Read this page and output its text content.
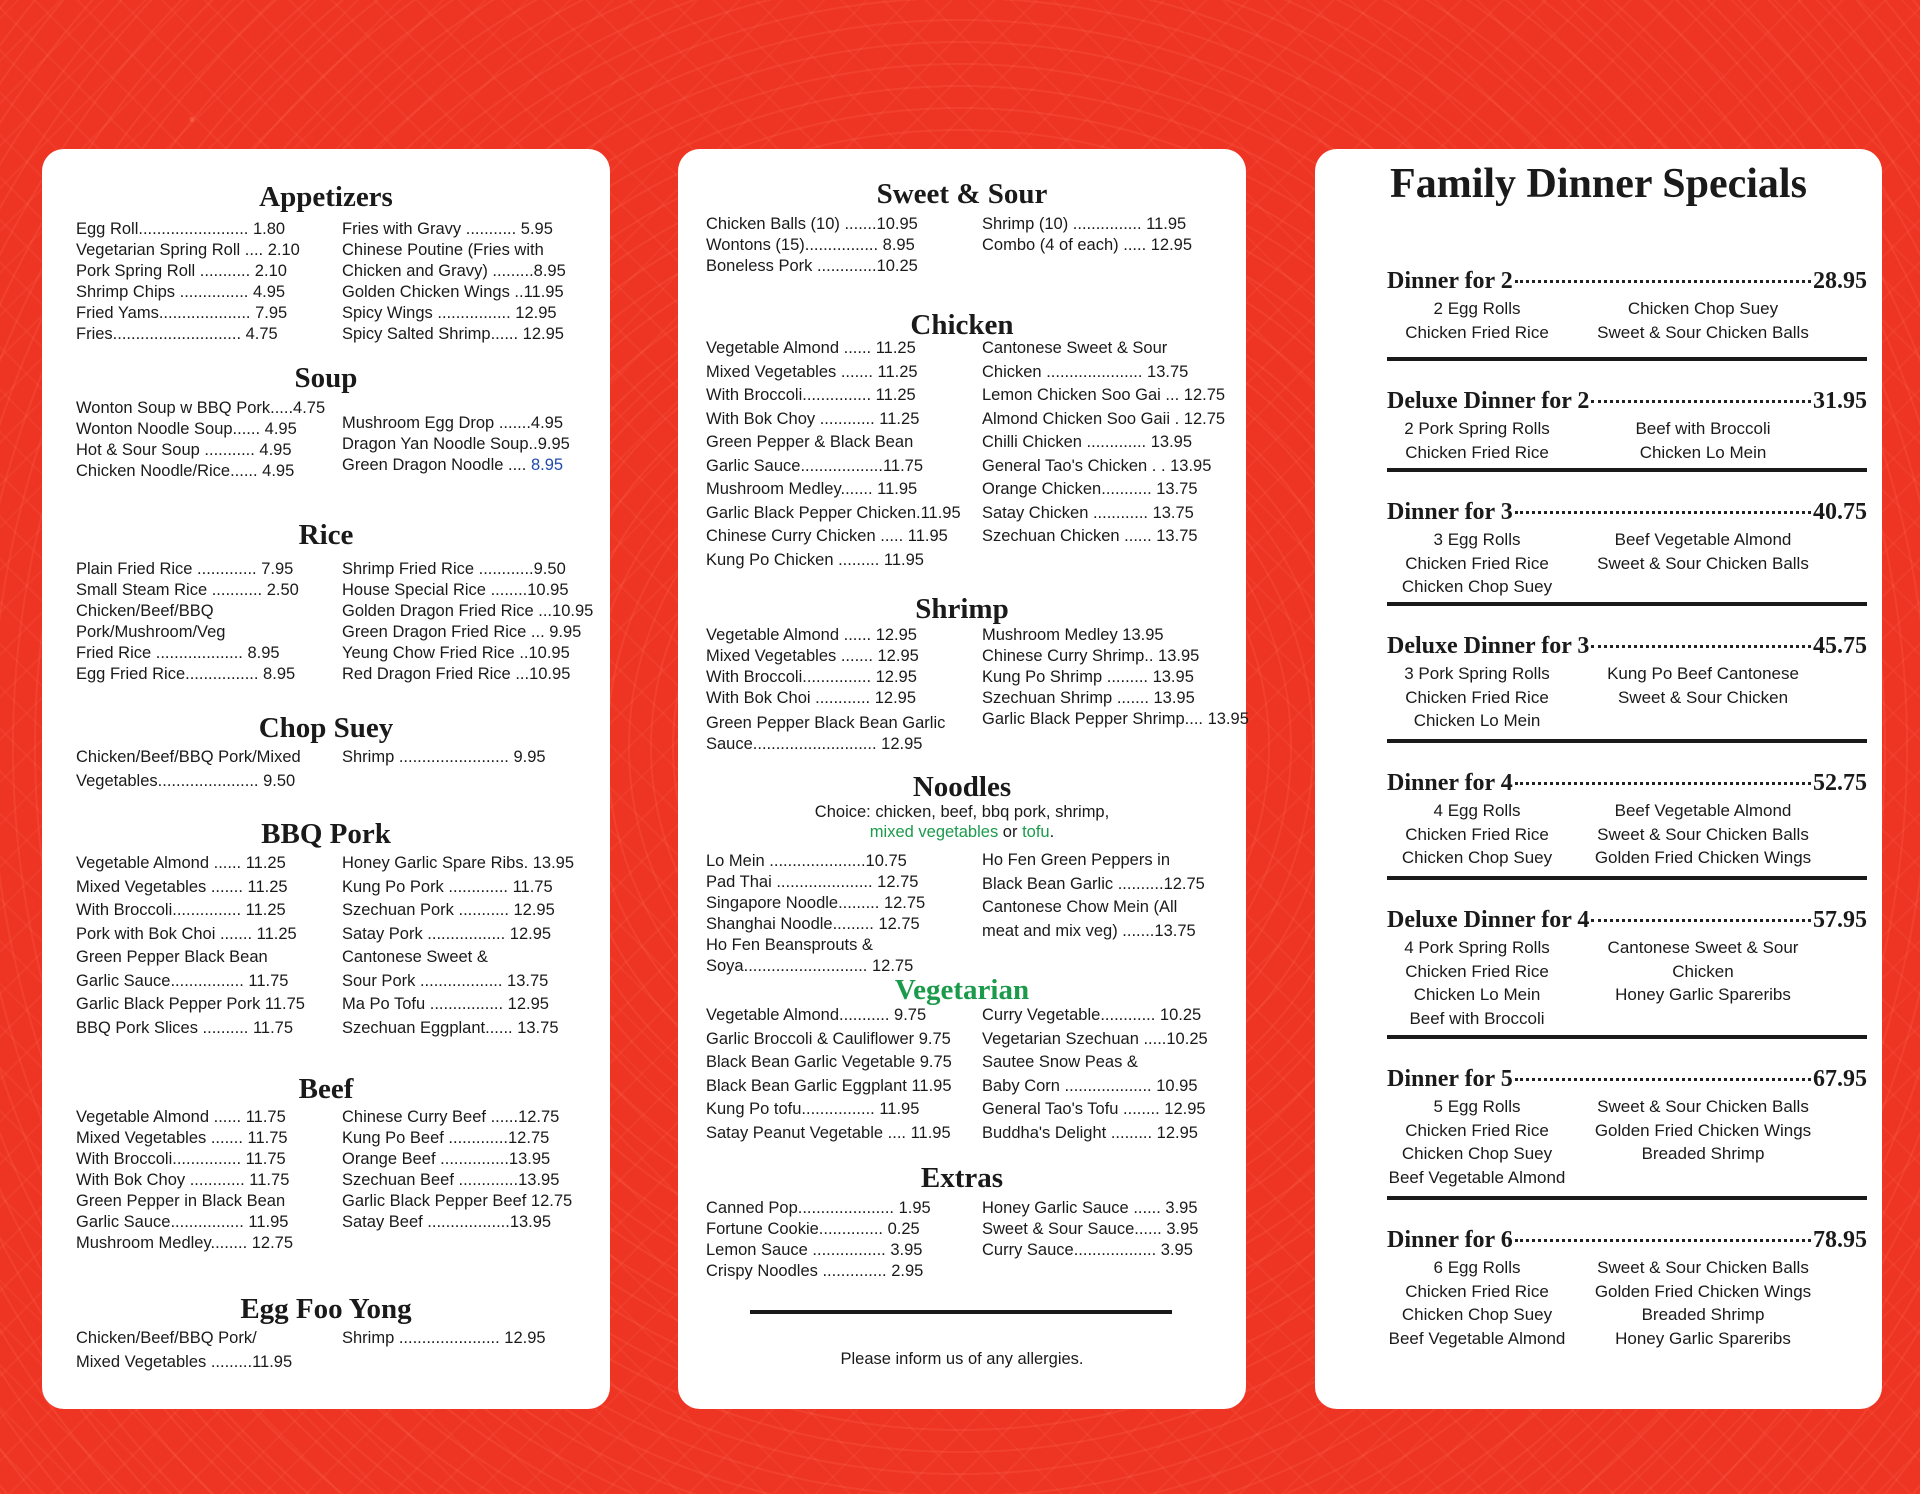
Appetizers
Egg Roll........................ 1.80
Vegetarian Spring Roll .... 2.10
Pork Spring Roll ........... 2.10
Shrimp Chips ............... 4.95
Fried Yams.................... 7.95
Fries............................ 4.75
Fries with Gravy ........... 5.95
Chinese Poutine (Fries with
Chicken and Gravy) .........8.95
Golden Chicken Wings ..11.95
Spicy Wings ................ 12.95
Spicy Salted Shrimp...... 12.95
Soup
Wonton Soup w BBQ Pork.....4.75
Wonton Noodle Soup...... 4.95
Hot & Sour Soup ........... 4.95
Chicken Noodle/Rice...... 4.95
Mushroom Egg Drop .......4.95
Dragon Yan Noodle Soup..9.95
Green Dragon Noodle .... 8.95
Rice
Plain Fried Rice ............. 7.95
Small Steam Rice ........... 2.50
Chicken/Beef/BBQ
Pork/Mushroom/Veg
Fried Rice ................... 8.95
Egg Fried Rice................ 8.95
Shrimp Fried Rice ............9.50
House Special Rice ........10.95
Golden Dragon Fried Rice ...10.95
Green Dragon Fried Rice ... 9.95
Yeung Chow Fried Rice ..10.95
Red Dragon Fried Rice ...10.95
Chop Suey
Chicken/Beef/BBQ Pork/Mixed
Vegetables...................... 9.50
Shrimp ........................ 9.95
BBQ Pork
Vegetable Almond ...... 11.25
Mixed Vegetables ....... 11.25
With Broccoli............... 11.25
Pork with Bok Choi ....... 11.25
Green Pepper Black Bean
Garlic Sauce................ 11.75
Garlic Black Pepper Pork 11.75
BBQ Pork Slices .......... 11.75
Honey Garlic Spare Ribs. 13.95
Kung Po Pork ............. 11.75
Szechuan Pork ........... 12.95
Satay Pork ................. 12.95
Cantonese Sweet &
Sour Pork .................. 13.75
Ma Po Tofu ................ 12.95
Szechuan Eggplant...... 13.75
Beef
Vegetable Almond ...... 11.75
Mixed Vegetables ....... 11.75
With Broccoli............... 11.75
With Bok Choy ............ 11.75
Green Pepper in Black Bean
Garlic Sauce................ 11.95
Mushroom Medley........ 12.75
Chinese Curry Beef ......12.75
Kung Po Beef .............12.75
Orange Beef ...............13.95
Szechuan Beef .............13.95
Garlic Black Pepper Beef 12.75
Satay Beef ..................13.95
Egg Foo Yong
Chicken/Beef/BBQ Pork/
Mixed Vegetables .........11.95
Shrimp ...................... 12.95
Sweet & Sour
Chicken Balls (10) .......10.95
Wontons (15)................ 8.95
Boneless Pork .............10.25
Shrimp (10) ............... 11.95
Combo (4 of each) ..... 12.95
Chicken
Vegetable Almond ...... 11.25
Mixed Vegetables ....... 11.25
With Broccoli............... 11.25
With Bok Choy ............ 11.25
Green Pepper & Black Bean
Garlic Sauce..................11.75
Mushroom Medley....... 11.95
Garlic Black Pepper Chicken.11.95
Chinese Curry Chicken ..... 11.95
Kung Po Chicken ......... 11.95
Cantonese Sweet & Sour
Chicken ..................... 13.75
Lemon Chicken Soo Gai ... 12.75
Almond Chicken Soo Gaii . 12.75
Chilli Chicken ............. 13.95
General Tao's Chicken . . 13.95
Orange Chicken........... 13.75
Satay Chicken ............ 13.75
Szechuan Chicken ...... 13.75
Shrimp
Vegetable Almond ...... 12.95
Mixed Vegetables ....... 12.95
With Broccoli............... 12.95
With Bok Choi ............ 12.95
Green Pepper Black Bean Garlic
Sauce........................... 12.95
Mushroom Medley 13.95
Chinese Curry Shrimp.. 13.95
Kung Po Shrimp ......... 13.95
Szechuan Shrimp ....... 13.95
Garlic Black Pepper Shrimp.... 13.95
Noodles
Choice: chicken, beef, bbq pork, shrimp,
mixed vegetables or tofu.
Lo Mein .....................10.75
Pad Thai ..................... 12.75
Singapore Noodle......... 12.75
Shanghai Noodle......... 12.75
Ho Fen Beansprouts &
Soya........................... 12.75
Ho Fen Green Peppers in
Black Bean Garlic ..........12.75
Cantonese Chow Mein (All
meat and mix veg) .......13.75
Vegetarian
Vegetable Almond........... 9.75
Garlic Broccoli & Cauliflower 9.75
Black Bean Garlic Vegetable 9.75
Black Bean Garlic Eggplant 11.95
Kung Po tofu................ 11.95
Satay Peanut Vegetable .... 11.95
Curry Vegetable............ 10.25
Vegetarian Szechuan .....10.25
Sautee Snow Peas &
Baby Corn ................... 10.95
General Tao's Tofu ........ 12.95
Buddha's Delight ......... 12.95
Extras
Canned Pop..................... 1.95
Fortune Cookie.............. 0.25
Lemon Sauce ................ 3.95
Crispy Noodles .............. 2.95
Honey Garlic Sauce ...... 3.95
Sweet & Sour Sauce...... 3.95
Curry Sauce.................. 3.95
Please inform us of any allergies.
Family Dinner Specials
Dinner for 2	28.95
2 Egg Rolls
Chicken Fried Rice
Chicken Chop Suey
Sweet & Sour Chicken Balls
Deluxe Dinner for 2	31.95
2 Pork Spring Rolls
Chicken Fried Rice
Beef with Broccoli
Chicken Lo Mein
Dinner for 3	40.75
3 Egg Rolls
Chicken Fried Rice
Chicken Chop Suey
Beef Vegetable Almond
Sweet & Sour Chicken Balls
Deluxe Dinner for 3	45.75
3 Pork Spring Rolls
Chicken Fried Rice
Chicken Lo Mein
Kung Po Beef Cantonese
Sweet & Sour Chicken
Dinner for 4	52.75
4 Egg Rolls
Chicken Fried Rice
Chicken Chop Suey
Beef Vegetable Almond
Sweet & Sour Chicken Balls
Golden Fried Chicken Wings
Deluxe Dinner for 4	57.95
4 Pork Spring Rolls
Chicken Fried Rice
Chicken Lo Mein
Beef with Broccoli
Cantonese Sweet & Sour
Chicken
Honey Garlic Spareribs
Dinner for 5	67.95
5 Egg Rolls
Chicken Fried Rice
Chicken Chop Suey
Beef Vegetable Almond
Sweet & Sour Chicken Balls
Golden Fried Chicken Wings
Breaded Shrimp
Dinner for 6	78.95
6 Egg Rolls
Chicken Fried Rice
Chicken Chop Suey
Beef Vegetable Almond
Sweet & Sour Chicken Balls
Golden Fried Chicken Wings
Breaded Shrimp
Honey Garlic Spareribs
